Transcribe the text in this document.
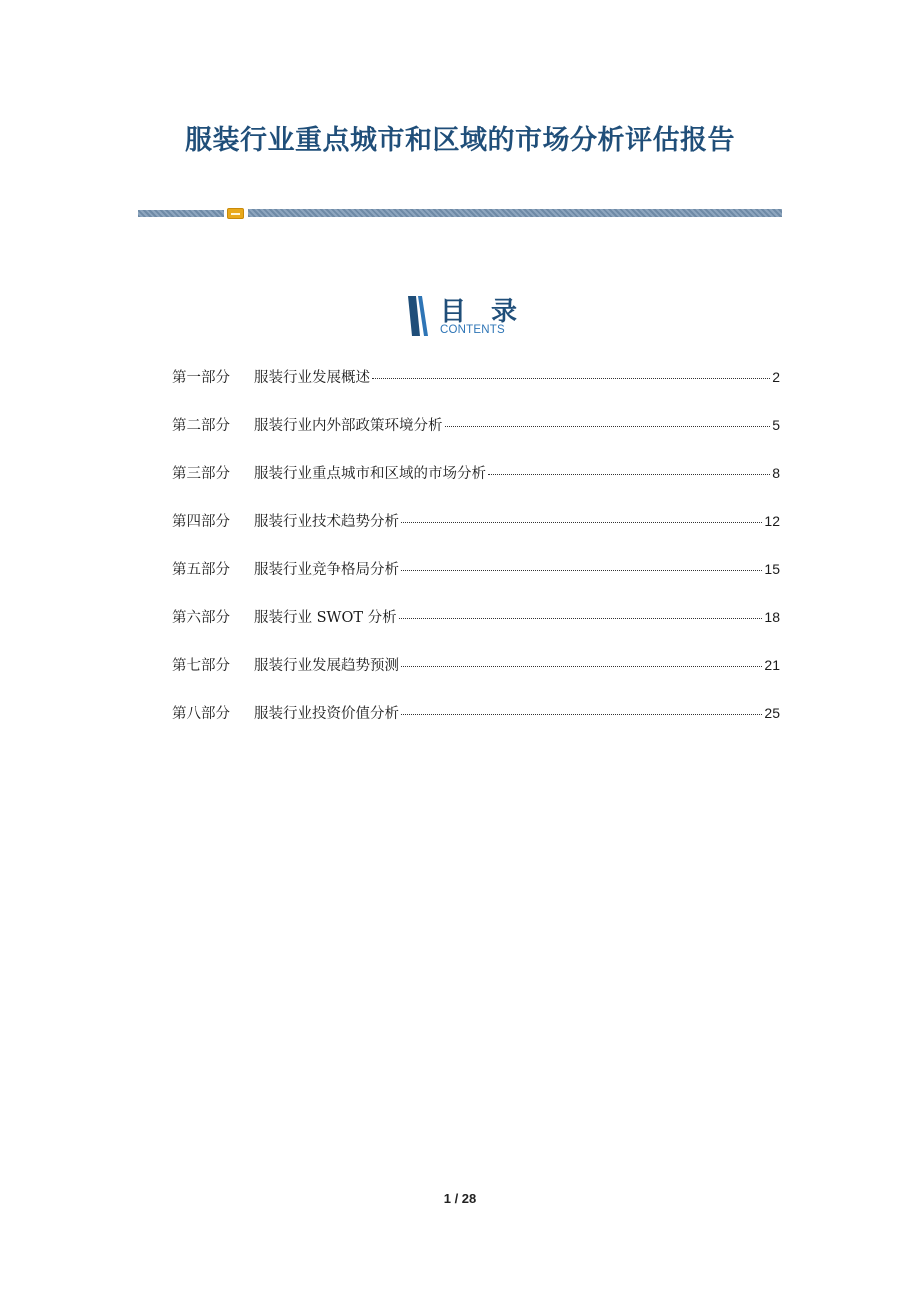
服装行业重点城市和区域的市场分析评估报告
目 录
CONTENTS
第一部分	服装行业发展概述	2
第二部分	服装行业内外部政策环境分析	5
第三部分	服装行业重点城市和区域的市场分析	8
第四部分	服装行业技术趋势分析	12
第五部分	服装行业竞争格局分析	15
第六部分	服装行业 SWOT 分析	18
第七部分	服装行业发展趋势预测	21
第八部分	服装行业投资价值分析	25
1 / 28
